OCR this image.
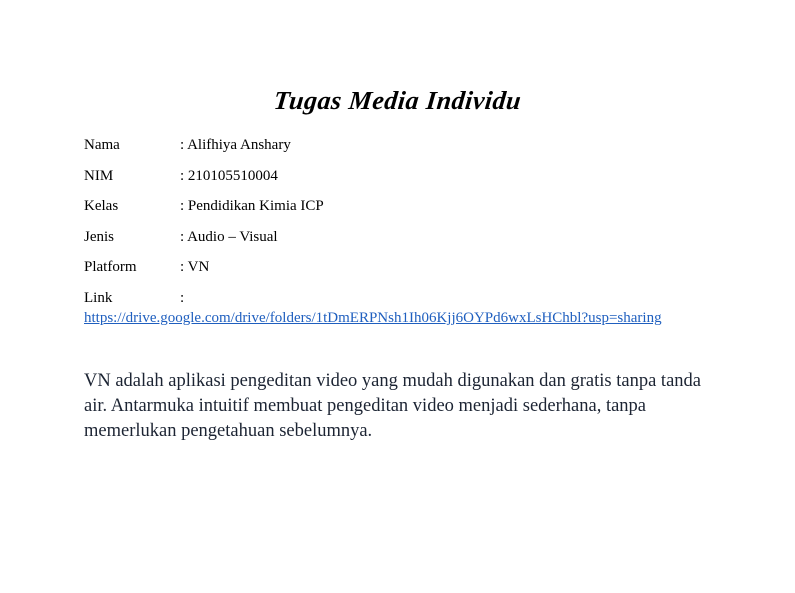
Tugas Media Individu
Nama	: Alifhiya Anshary
NIM	: 210105510004
Kelas	: Pendidikan Kimia ICP
Jenis	: Audio – Visual
Platform	: VN
Link	:
https://drive.google.com/drive/folders/1tDmERPNsh1Ih06Kjj6OYPd6wxLsHChbl?usp=sharing
VN adalah aplikasi pengeditan video yang mudah digunakan dan gratis tanpa tanda air. Antarmuka intuitif membuat pengeditan video menjadi sederhana, tanpa memerlukan pengetahuan sebelumnya.
